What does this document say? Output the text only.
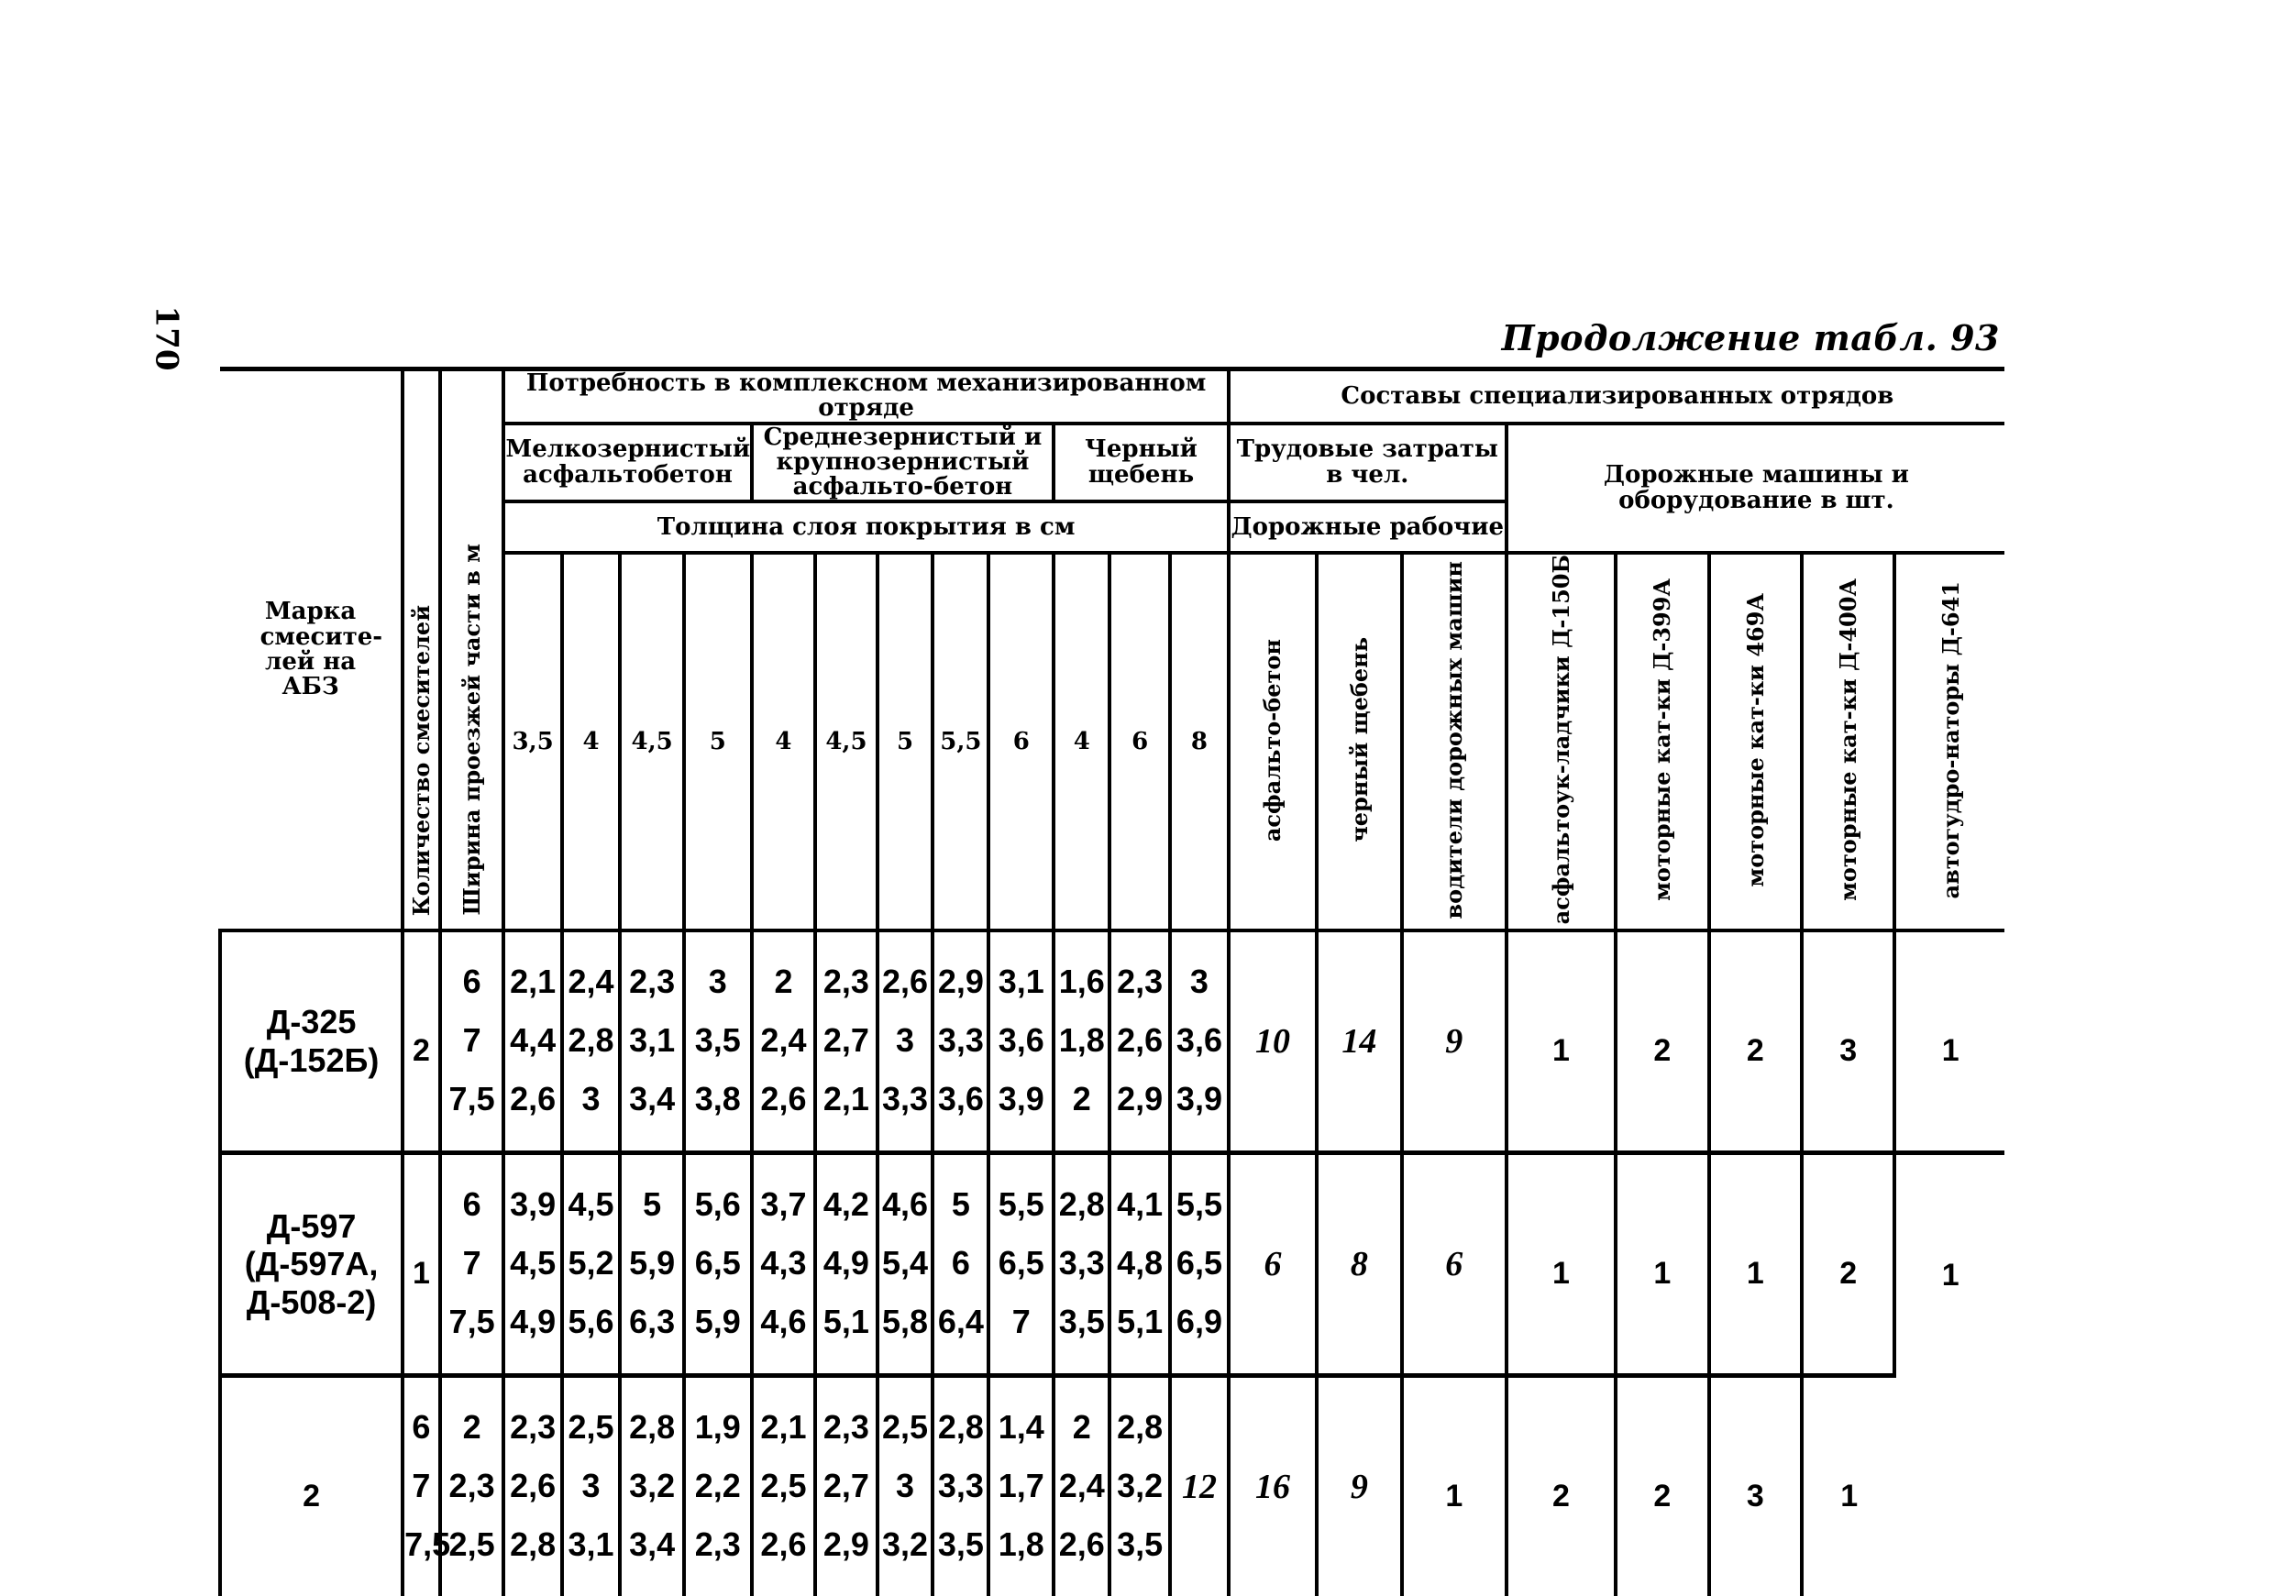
170	Продолжение табл. 93
Марка смесите-лей на АБЗ	Количество смесителей	Ширина проезжей части в м	Потребность в комплексном механизированном отряде												Составы специализированных отрядов							
			Мелкозернистый асфальтобетон				Среднезернистый и крупнозернистый асфальто-бетон					Черный щебень			Трудовые затраты в чел.			Дорожные машины и оборудование в шт.				
			Толщина слоя покрытия в см												Дорожные рабочие							
			3,5	4	4,5	5	4	4,5	5	5,5	6	4	6	8	асфальто-бетон	черный щебень	водители дорожных машин	асфальтоук-ладчики Д-150Б	моторные кат-ки Д-399А	моторные кат-ки 469А	моторные кат-ки Д-400А	автогудро-наторы Д-641

Д-325
(Д-152Б)	2	6	2,1	2,4	2,3	3	2	2,3	2,6	2,9	3,1	1,6	2,3	3	10	14	9	1	2	2	3	1
		7	4,4	2,8	3,1	3,5	2,4	2,7	3	3,3	3,6	1,8	2,6	3,6								
		7,5	2,6	3	3,4	3,8	2,6	2,1	3,3	3,6	3,9	2	2,9	3,9								

Д-597
(Д-597А,
Д-508-2)	1	6	3,9	4,5	5	5,6	3,7	4,2	4,6	5	5,5	2,8	4,1	5,5	6	8	6	1	1	1	2	1
		7	4,5	5,2	5,9	6,5	4,3	4,9	5,4	6	6,5	3,3	4,8	6,5								
		7,5	4,9	5,6	6,3	5,9	4,6	5,1	5,8	6,4	7	3,5	5,1	6,9								
2	6	2	2,3	2,5	2,8	1,9	2,1	2,3	2,5	2,8	1,4	2	2,8	12	16	9	1	2	2	3	1	
	7	2,3	2,6	3	3,2	2,2	2,5	2,7	3	3,3	1,7	2,4	3,2									
	7,5	2,5	2,8	3,1	3,4	2,3	2,6	2,9	3,2	3,5	1,8	2,6	3,5									
